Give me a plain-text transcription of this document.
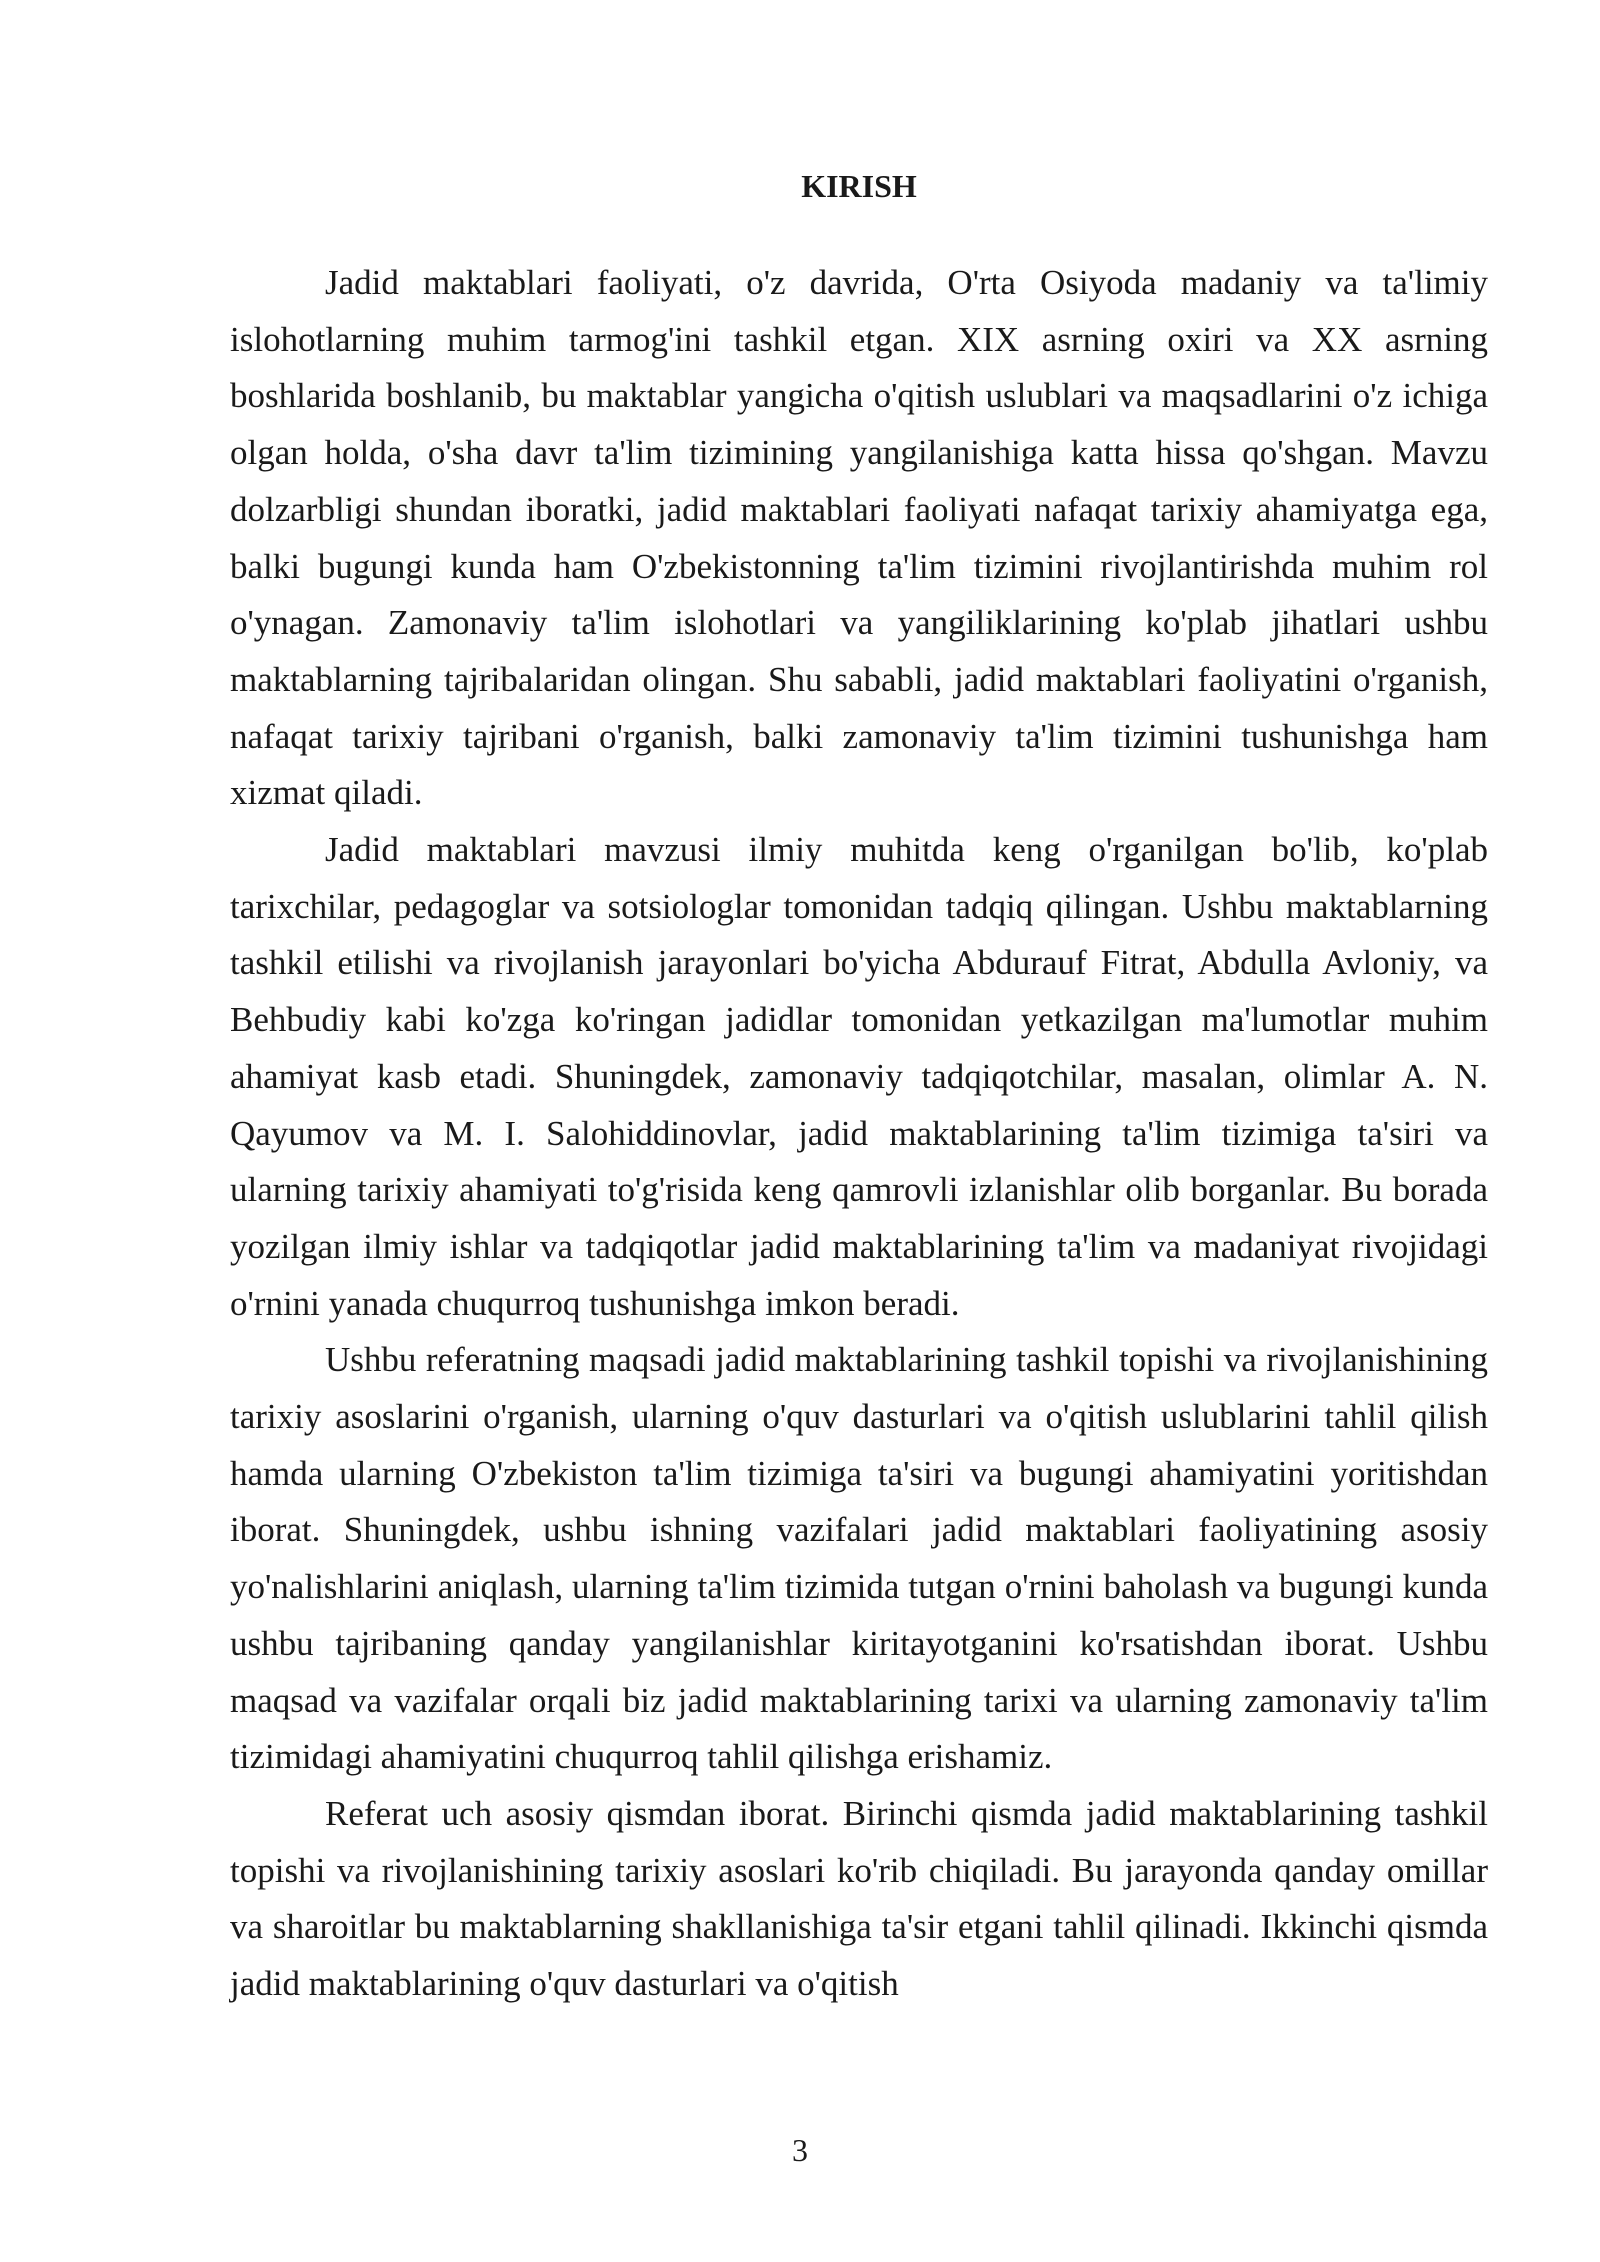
KIRISH

Jadid maktablari faoliyati, o'z davrida, O'rta Osiyoda madaniy va ta'limiy islohotlarning muhim tarmog'ini tashkil etgan. XIX asrning oxiri va XX asrning boshlarida boshlanib, bu maktablar yangicha o'qitish uslublari va maqsadlarini o'z ichiga olgan holda, o'sha davr ta'lim tizimining yangilanishiga katta hissa qo'shgan. Mavzu dolzarbligi shundan iboratki, jadid maktablari faoliyati nafaqat tarixiy ahamiyatga ega, balki bugungi kunda ham O'zbekistonning ta'lim tizimini rivojlantirishda muhim rol o'ynagan. Zamonaviy ta'lim islohotlari va yangiliklarining ko'plab jihatlari ushbu maktablarning tajribalaridan olingan. Shu sababli, jadid maktablari faoliyatini o'rganish, nafaqat tarixiy tajribani o'rganish, balki zamonaviy ta'lim tizimini tushunishga ham xizmat qiladi.

Jadid maktablari mavzusi ilmiy muhitda keng o'rganilgan bo'lib, ko'plab tarixchilar, pedagoglar va sotsiologlar tomonidan tadqiq qilingan. Ushbu maktablarning tashkil etilishi va rivojlanish jarayonlari bo'yicha Abdurauf Fitrat, Abdulla Avloniy, va Behbudiy kabi ko'zga ko'ringan jadidlar tomonidan yetkazilgan ma'lumotlar muhim ahamiyat kasb etadi. Shuningdek, zamonaviy tadqiqotchilar, masalan, olimlar A. N. Qayumov va M. I. Salohiddinovlar, jadid maktablarining ta'lim tizimiga ta'siri va ularning tarixiy ahamiyati to'g'risida keng qamrovli izlanishlar olib borganlar. Bu borada yozilgan ilmiy ishlar va tadqiqotlar jadid maktablarining ta'lim va madaniyat rivojidagi o'rnini yanada chuqurroq tushunishga imkon beradi.

Ushbu referatning maqsadi jadid maktablarining tashkil topishi va rivojlanishining tarixiy asoslarini o'rganish, ularning o'quv dasturlari va o'qitish uslublarini tahlil qilish hamda ularning O'zbekiston ta'lim tizimiga ta'siri va bugungi ahamiyatini yoritishdan iborat. Shuningdek, ushbu ishning vazifalari jadid maktablari faoliyatining asosiy yo'nalishlarini aniqlash, ularning ta'lim tizimida tutgan o'rnini baholash va bugungi kunda ushbu tajribaning qanday yangilanishlar kiritayotganini ko'rsatishdan iborat. Ushbu maqsad va vazifalar orqali biz jadid maktablarining tarixi va ularning zamonaviy ta'lim tizimidagi ahamiyatini chuqurroq tahlil qilishga erishamiz.

Referat uch asosiy qismdan iborat. Birinchi qismda jadid maktablarining tashkil topishi va rivojlanishining tarixiy asoslari ko'rib chiqiladi. Bu jarayonda qanday omillar va sharoitlar bu maktablarning shakllanishiga ta'sir etgani tahlil qilinadi. Ikkinchi qismda jadid maktablarining o'quv dasturlari va o'qitish

3
